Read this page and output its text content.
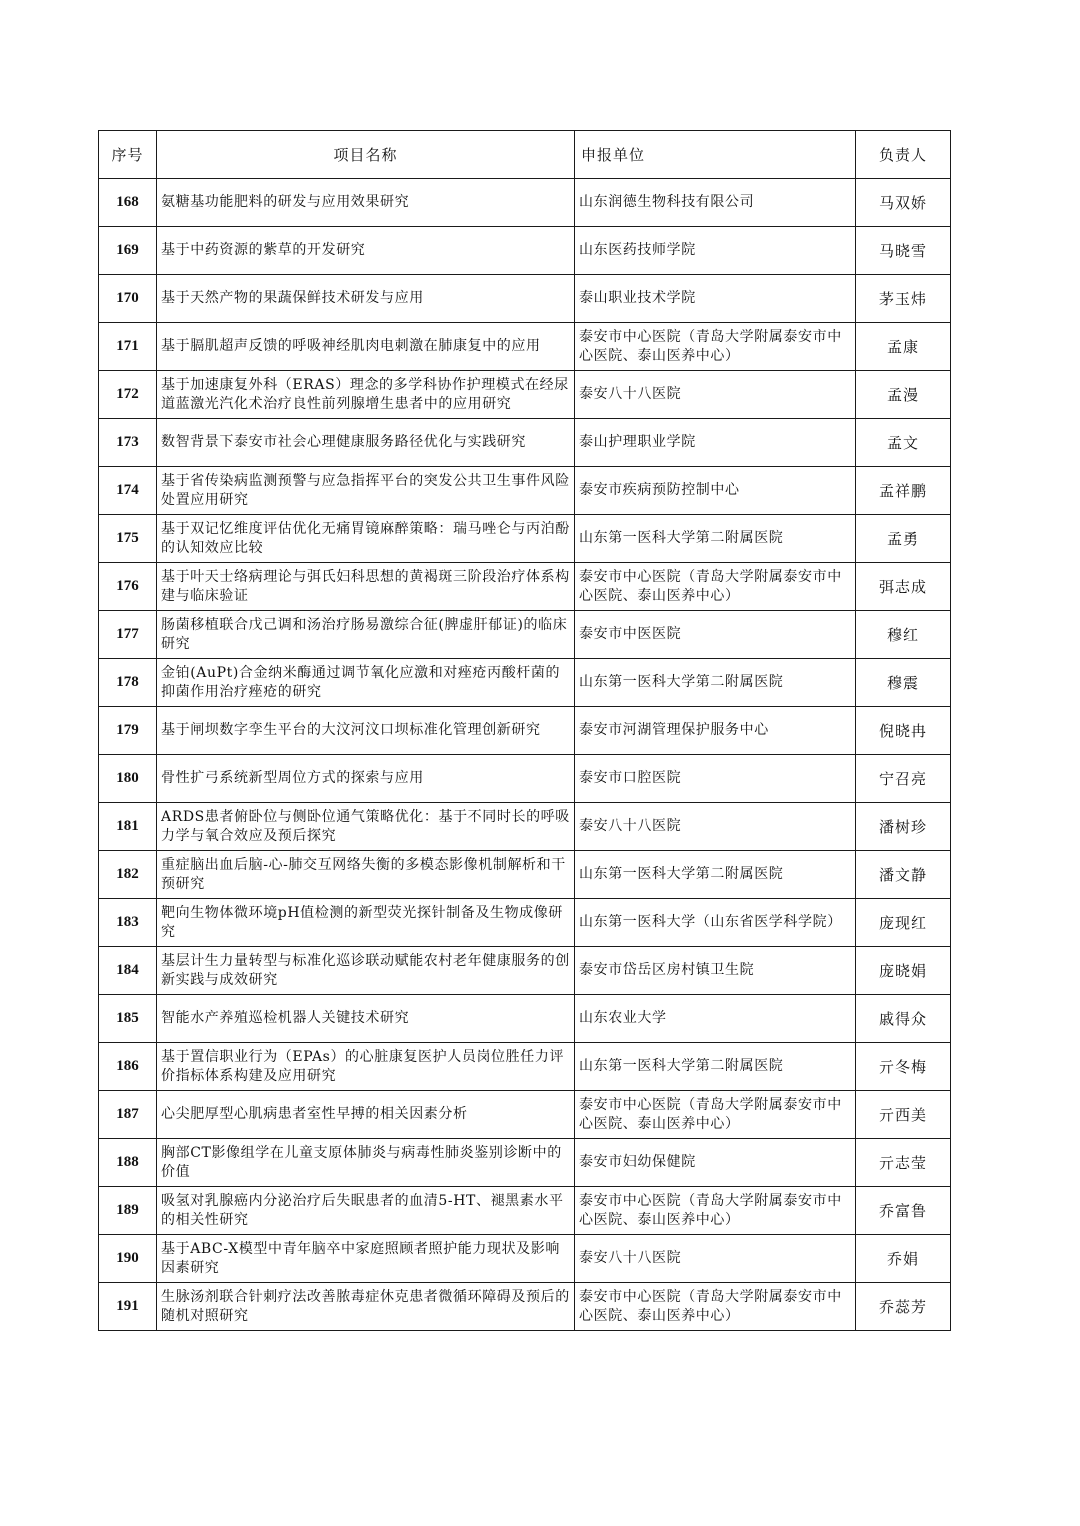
序号	项目名称	申报单位	负责人

168	氨糖基功能肥料的研发与应用效果研究	山东润德生物科技有限公司	马双娇

169	基于中药资源的紫草的开发研究	山东医药技师学院	马晓雪

170	基于天然产物的果蔬保鲜技术研发与应用	泰山职业技术学院	茅玉炜

171	基于膈肌超声反馈的呼吸神经肌肉电刺激在肺康复中的应用	泰安市中心医院（青岛大学附属泰安市中心医院、泰山医养中心）	孟康

172	基于加速康复外科（ERAS）理念的多学科协作护理模式在经尿道蓝激光汽化术治疗良性前列腺增生患者中的应用研究	泰安八十八医院	孟漫

173	数智背景下泰安市社会心理健康服务路径优化与实践研究	泰山护理职业学院	孟文

174	基于省传染病监测预警与应急指挥平台的突发公共卫生事件风险处置应用研究	泰安市疾病预防控制中心	孟祥鹏

175	基于双记忆维度评估优化无痛胃镜麻醉策略：瑞马唑仑与丙泊酚的认知效应比较	山东第一医科大学第二附属医院	孟勇

176	基于叶天士络病理论与弭氏妇科思想的黄褐斑三阶段治疗体系构建与临床验证	泰安市中心医院（青岛大学附属泰安市中心医院、泰山医养中心）	弭志成

177	肠菌移植联合戊己调和汤治疗肠易激综合征(脾虚肝郁证)的临床研究	泰安市中医医院	穆红

178	金铂(AuPt)合金纳米酶通过调节氧化应激和对痤疮丙酸杆菌的抑菌作用治疗痤疮的研究	山东第一医科大学第二附属医院	穆震

179	基于闸坝数字孪生平台的大汶河汶口坝标准化管理创新研究	泰安市河湖管理保护服务中心	倪晓冉

180	骨性扩弓系统新型周位方式的探索与应用	泰安市口腔医院	宁召亮

181	ARDS患者俯卧位与侧卧位通气策略优化：基于不同时长的呼吸力学与氧合效应及预后探究	泰安八十八医院	潘树珍

182	重症脑出血后脑-心-肺交互网络失衡的多模态影像机制解析和干预研究	山东第一医科大学第二附属医院	潘文静

183	靶向生物体微环境pH值检测的新型荧光探针制备及生物成像研究	山东第一医科大学（山东省医学科学院）	庞现红

184	基层计生力量转型与标准化巡诊联动赋能农村老年健康服务的创新实践与成效研究	泰安市岱岳区房村镇卫生院	庞晓娟

185	智能水产养殖巡检机器人关键技术研究	山东农业大学	戚得众

186	基于置信职业行为（EPAs）的心脏康复医护人员岗位胜任力评价指标体系构建及应用研究	山东第一医科大学第二附属医院	亓冬梅

187	心尖肥厚型心肌病患者室性早搏的相关因素分析	泰安市中心医院（青岛大学附属泰安市中心医院、泰山医养中心）	亓西美

188	胸部CT影像组学在儿童支原体肺炎与病毒性肺炎鉴别诊断中的价值	泰安市妇幼保健院	亓志莹

189	吸氢对乳腺癌内分泌治疗后失眠患者的血清5-HT、褪黑素水平的相关性研究	泰安市中心医院（青岛大学附属泰安市中心医院、泰山医养中心）	乔富鲁

190	基于ABC-X模型中青年脑卒中家庭照顾者照护能力现状及影响因素研究	泰安八十八医院	乔娟

191	生脉汤剂联合针刺疗法改善脓毒症休克患者微循环障碍及预后的随机对照研究	泰安市中心医院（青岛大学附属泰安市中心医院、泰山医养中心）	乔蕊芳
